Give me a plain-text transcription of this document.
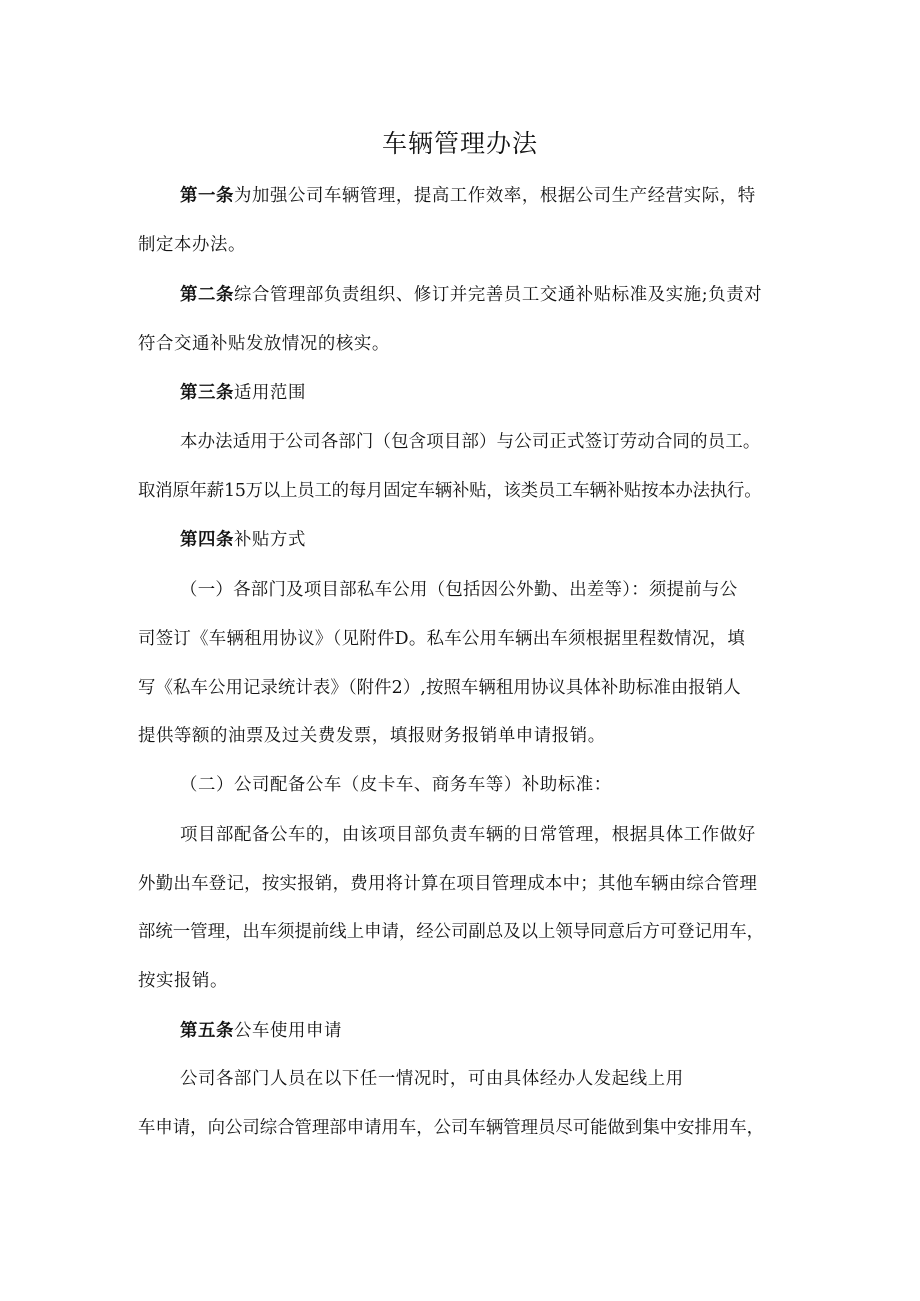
车辆管理办法
第一条为加强公司车辆管理，提高工作效率，根据公司生产经营实际，特
制定本办法。
第二条综合管理部负责组织、修订并完善员工交通补贴标准及实施;负责对
符合交通补贴发放情况的核实。
第三条适用范围
本办法适用于公司各部门（包含项目部）与公司正式签订劳动合同的员工。
取消原年薪15万以上员工的每月固定车辆补贴，该类员工车辆补贴按本办法执行。
第四条补贴方式
（一）各部门及项目部私车公用（包括因公外勤、出差等）：须提前与公
司签订《车辆租用协议》（见附件D。私车公用车辆出车须根据里程数情况，填
写《私车公用记录统计表》（附件2）,按照车辆租用协议具体补助标准由报销人
提供等额的油票及过关费发票，填报财务报销单申请报销。
（二）公司配备公车（皮卡车、商务车等）补助标准：
项目部配备公车的，由该项目部负责车辆的日常管理，根据具体工作做好
外勤出车登记，按实报销，费用将计算在项目管理成本中；其他车辆由综合管理
部统一管理，出车须提前线上申请，经公司副总及以上领导同意后方可登记用车，
按实报销。
第五条公车使用申请
公司各部门人员在以下任一情况时，可由具体经办人发起线上用
车申请，向公司综合管理部申请用车，公司车辆管理员尽可能做到集中安排用车，
